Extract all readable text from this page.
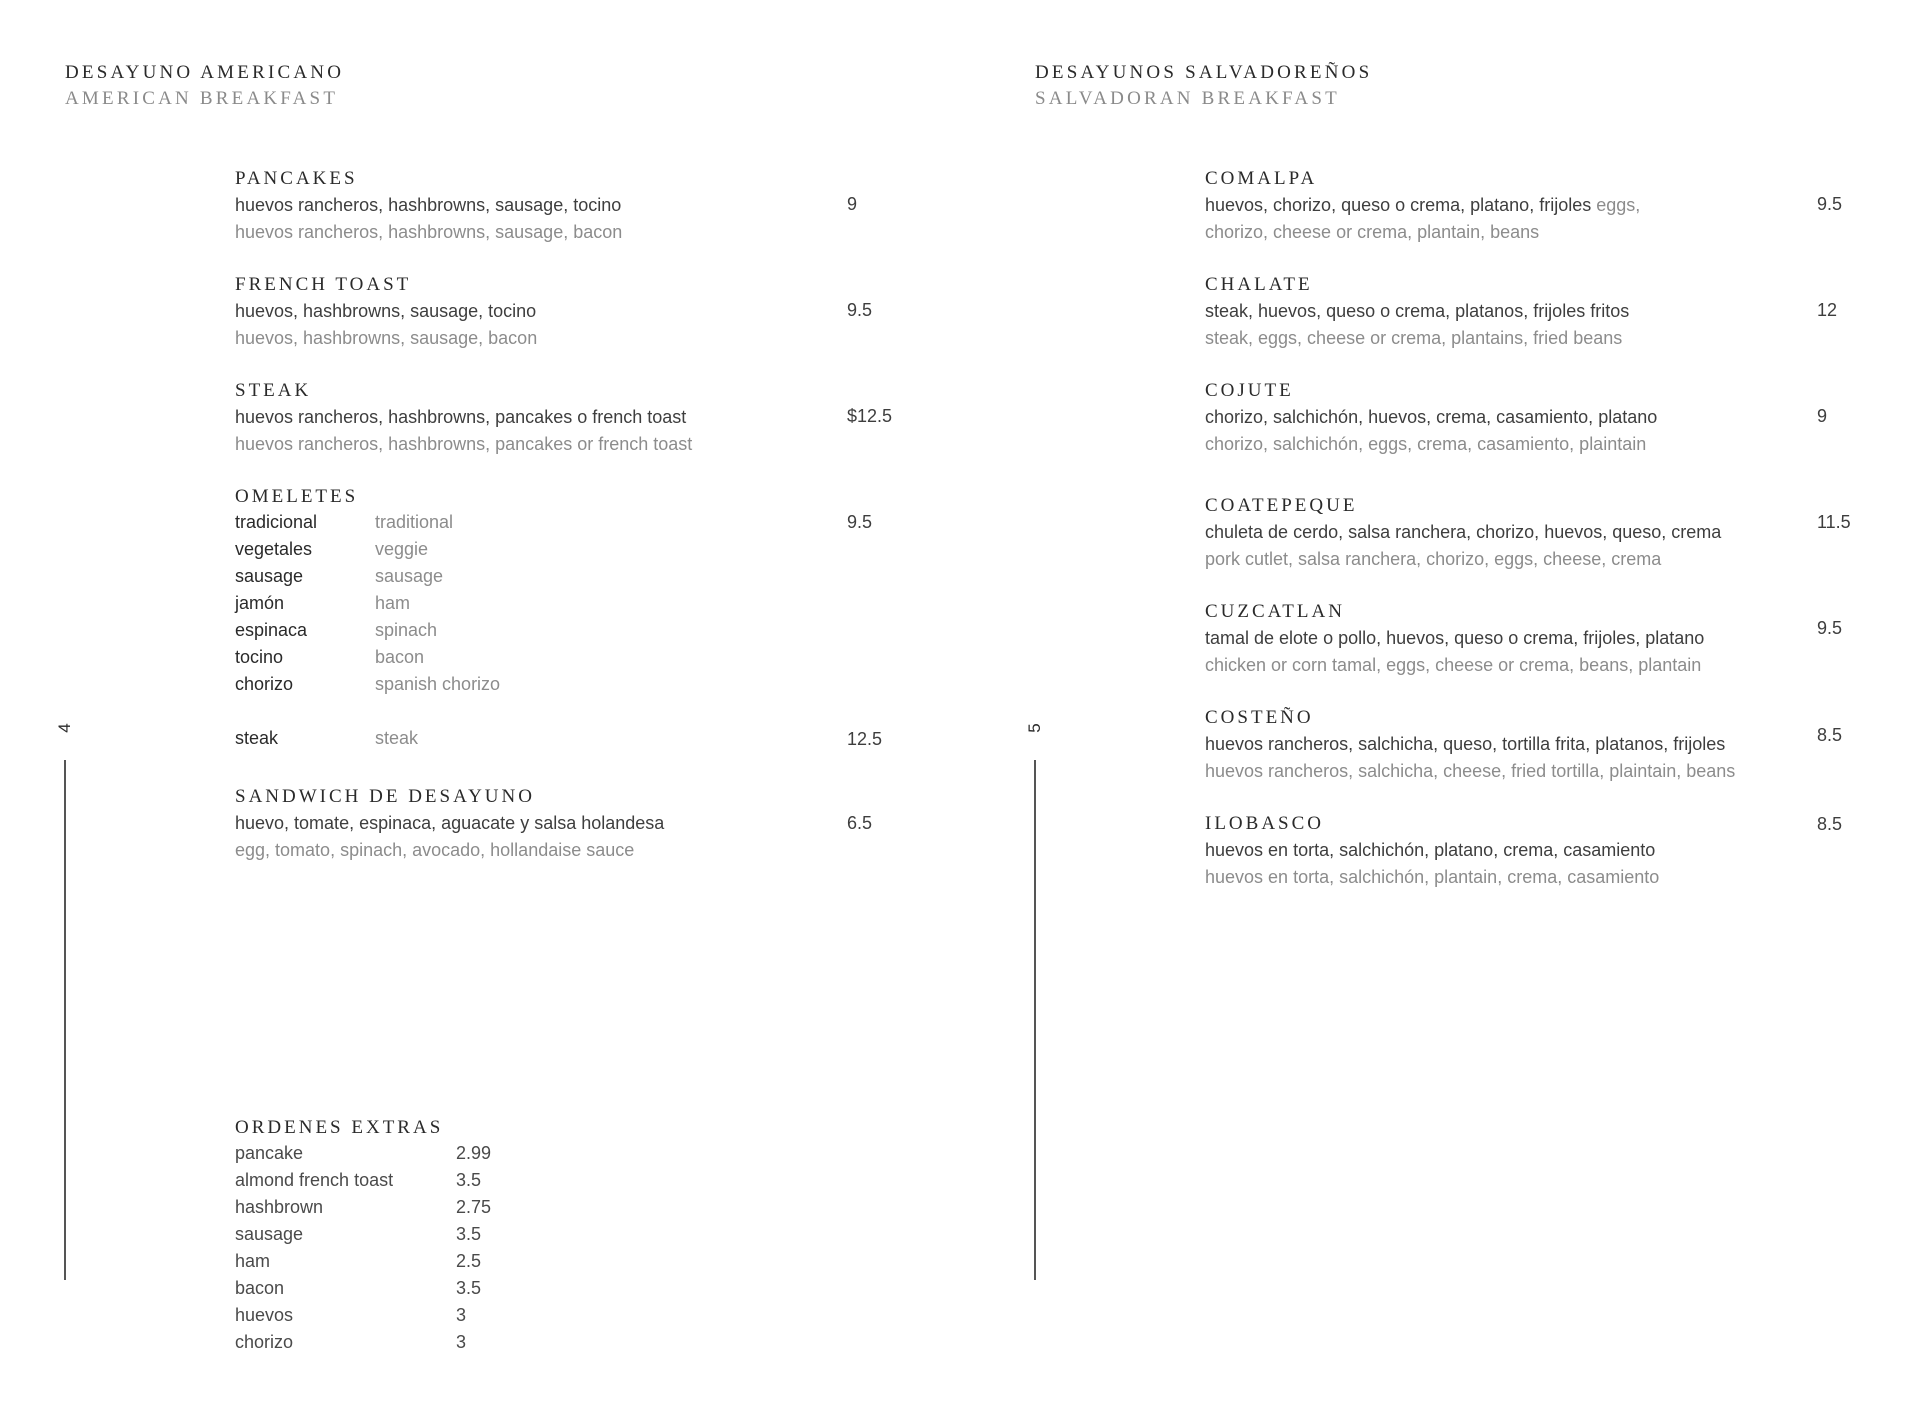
DESAYUNO AMERICANO
AMERICAN BREAKFAST
PANCAKES
huevos rancheros, hashbrowns, sausage, tocino
huevos rancheros, hashbrowns, sausage, bacon
9
FRENCH TOAST
huevos, hashbrowns, sausage, tocino
huevos, hashbrowns, sausage, bacon
9.5
STEAK
huevos rancheros, hashbrowns, pancakes o french toast
huevos rancheros, hashbrowns, pancakes or french toast
$12.5
OMELETES
9.5
tradicional	traditional
vegetales	veggie
sausage	sausage
jamón	ham
espinaca	spinach
tocino	bacon
chorizo	spanish chorizo
steak	steak	12.5
SANDWICH DE DESAYUNO
huevo, tomate, espinaca, aguacate y salsa holandesa
egg, tomato, spinach, avocado, hollandaise sauce
6.5
ORDENES EXTRAS
pancake	2.99
almond french toast	3.5
hashbrown	2.75
sausage	3.5
ham	2.5
bacon	3.5
huevos	3
chorizo	3
4
DESAYUNOS SALVADOREÑOS
SALVADORAN BREAKFAST
COMALPA
huevos, chorizo, queso o crema, platano, frijoles eggs,
chorizo, cheese or crema, plantain, beans
9.5
CHALATE
steak, huevos, queso o crema, platanos, frijoles fritos
steak, eggs, cheese or crema, plantains, fried beans
12
COJUTE
chorizo, salchichón, huevos, crema, casamiento, platano
chorizo, salchichón, eggs, crema, casamiento, plaintain
9
COATEPEQUE
chuleta de cerdo, salsa ranchera, chorizo, huevos, queso, crema
pork cutlet, salsa ranchera, chorizo, eggs, cheese, crema
11.5
CUZCATLAN
tamal de elote o pollo, huevos, queso o crema, frijoles, platano
chicken or corn tamal, eggs, cheese or crema, beans, plantain
9.5
COSTEÑO
huevos rancheros, salchicha, queso, tortilla frita, platanos, frijoles
huevos rancheros, salchicha, cheese, fried tortilla, plaintain, beans
8.5
ILOBASCO
huevos en torta, salchichón, platano, crema, casamiento
huevos en torta, salchichón, plantain, crema, casamiento
8.5
5
